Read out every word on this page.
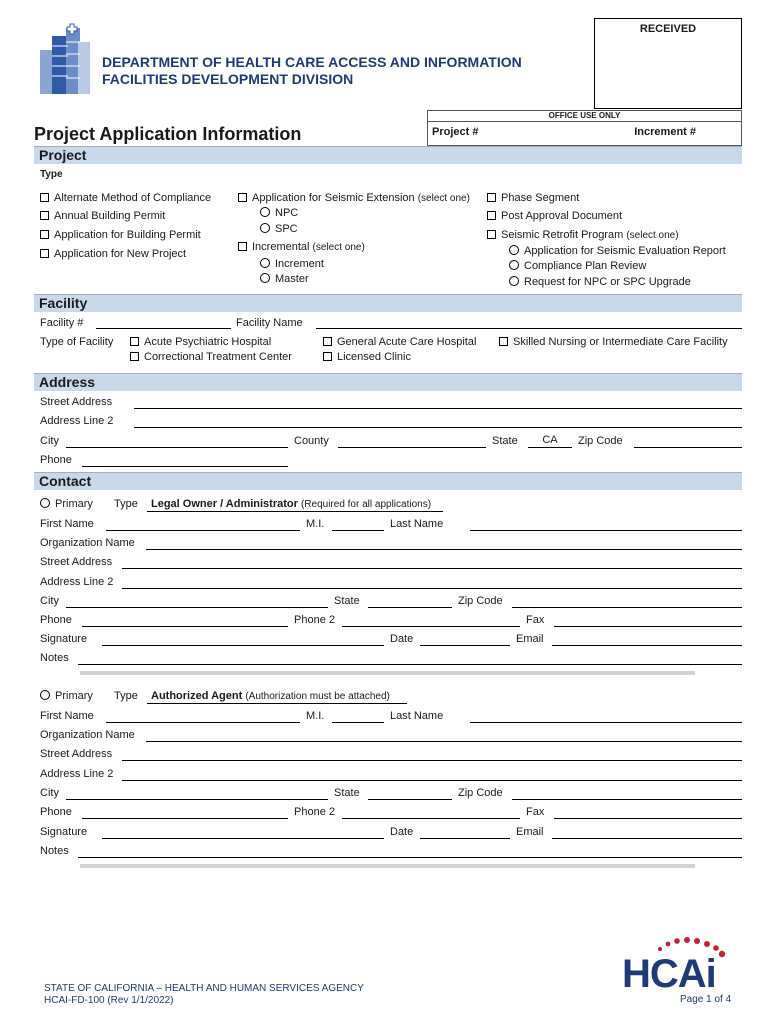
DEPARTMENT OF HEALTH CARE ACCESS AND INFORMATION
FACILITIES DEVELOPMENT DIVISION
RECEIVED
OFFICE USE ONLY
Project #	Increment #
Project Application Information
Project
Type
Alternate Method of Compliance
Annual Building Permit
Application for Building Permit
Application for New Project
Application for Seismic Extension (select one)
NPC
SPC
Incremental (select one)
Increment
Master
Phase Segment
Post Approval Document
Seismic Retrofit Program (select one)
Application for Seismic Evaluation Report
Compliance Plan Review
Request for NPC or SPC Upgrade
Facility
Facility #	Facility Name
Type of Facility	Acute Psychiatric Hospital
Correctional Treatment Center
General Acute Care Hospital
Licensed Clinic
Skilled Nursing or Intermediate Care Facility
Address
Street Address
Address Line 2
City	County	State	CA	Zip Code
Phone
Contact
Primary Type	Legal Owner / Administrator (Required for all applications)
First Name	M.I.	Last Name
Organization Name
Street Address
Address Line 2
City	State	Zip Code
Phone	Phone 2	Fax
Signature	Date	Email
Notes
Primary Type	Authorized Agent (Authorization must be attached)
First Name	M.I.	Last Name
Organization Name
Street Address
Address Line 2
City	State	Zip Code
Phone	Phone 2	Fax
Signature	Date	Email
Notes
STATE OF CALIFORNIA – HEALTH AND HUMAN SERVICES AGENCY
HCAI-FD-100 (Rev 1/1/2022)
HCAi
Page 1 of 4
